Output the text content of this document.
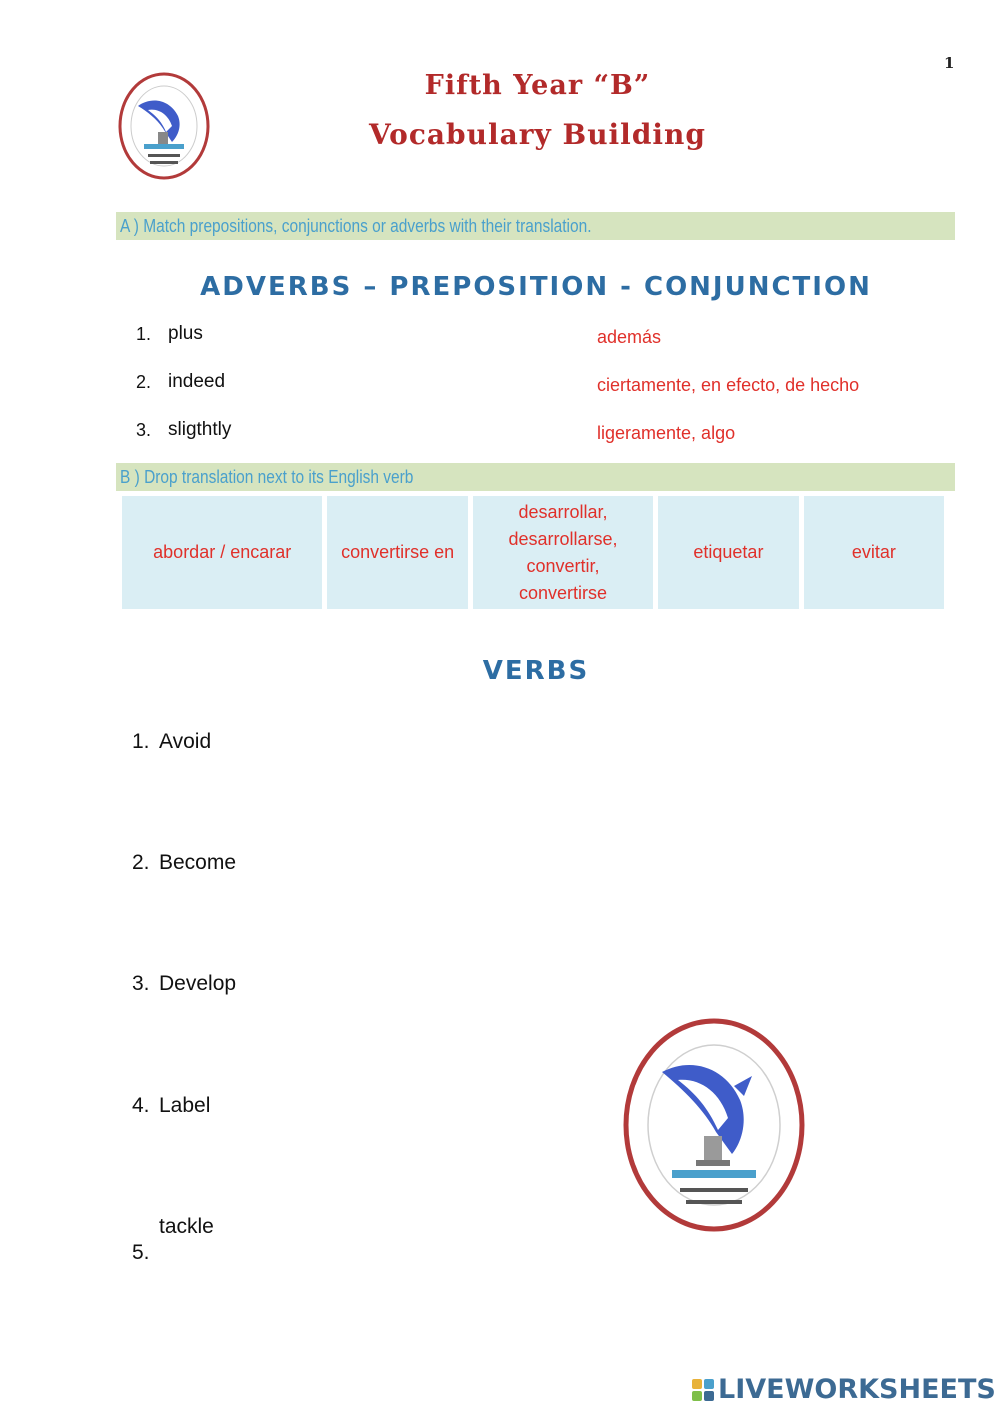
1
Fifth Year “B”
Vocabulary Building
A ) Match prepositions, conjunctions or adverbs with their translation.
ADVERBS – PREPOSITION - CONJUNCTION
1. plus	además
2. indeed	ciertamente, en efecto, de hecho
3. sligthtly	ligeramente, algo
B ) Drop translation next to its English verb
abordar / encarar	convertirse en
desarrollar, desarrollarse, convertir, convertirse
etiquetar	evitar
VERBS
1. Avoid
2. Become
3. Develop
4. Label
5.
tackle
LIVEWORKSHEETS
